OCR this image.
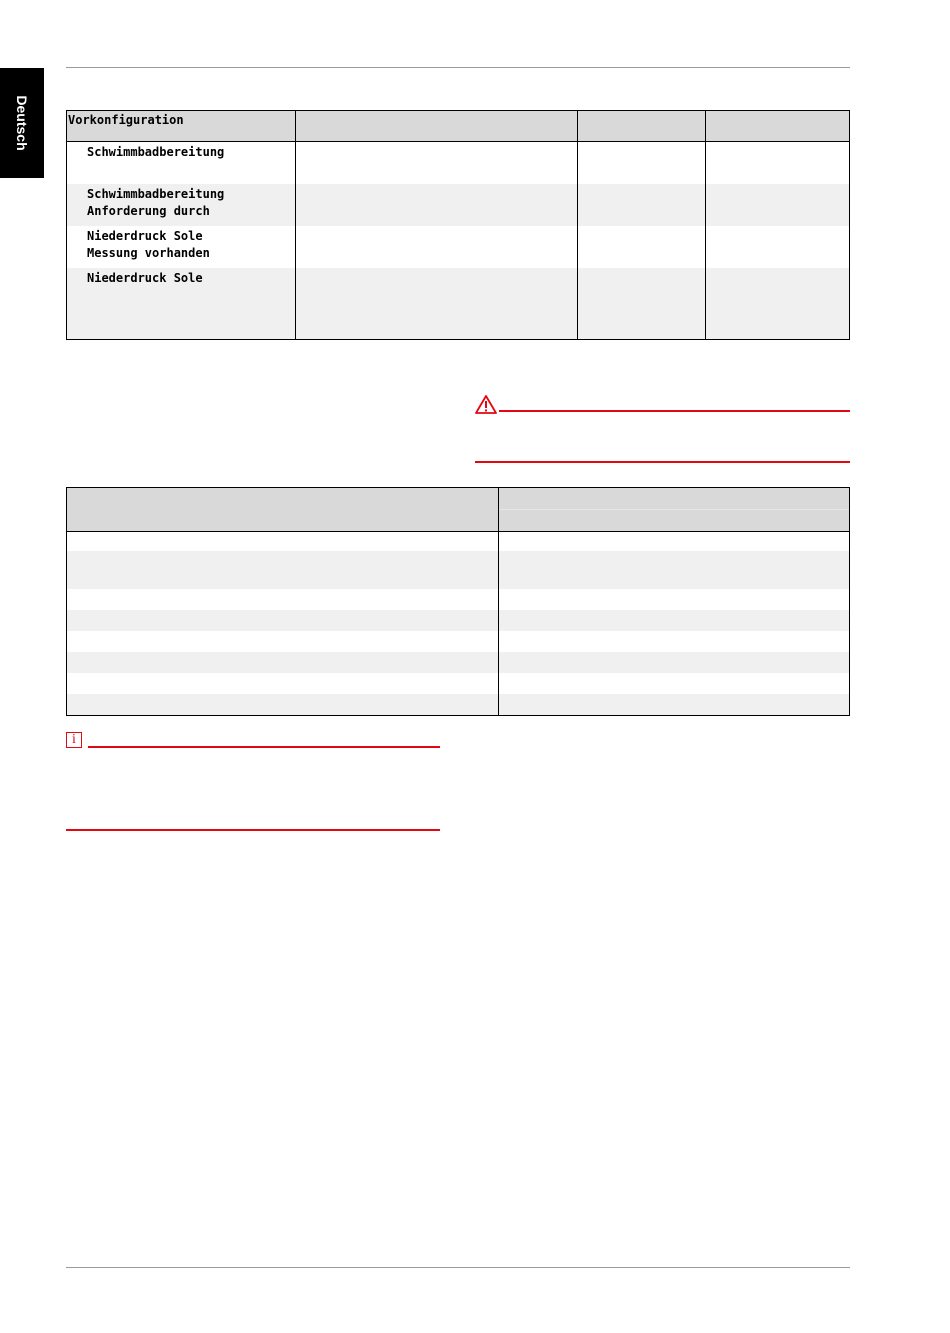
Deutsch	Vorkonfiguration			

Schwimmbadbereitung			

Schwimmbadbereitung
Anforderung durch			

Niederdruck Sole
Messung vorhanden			

Niederdruck Sole			

i
